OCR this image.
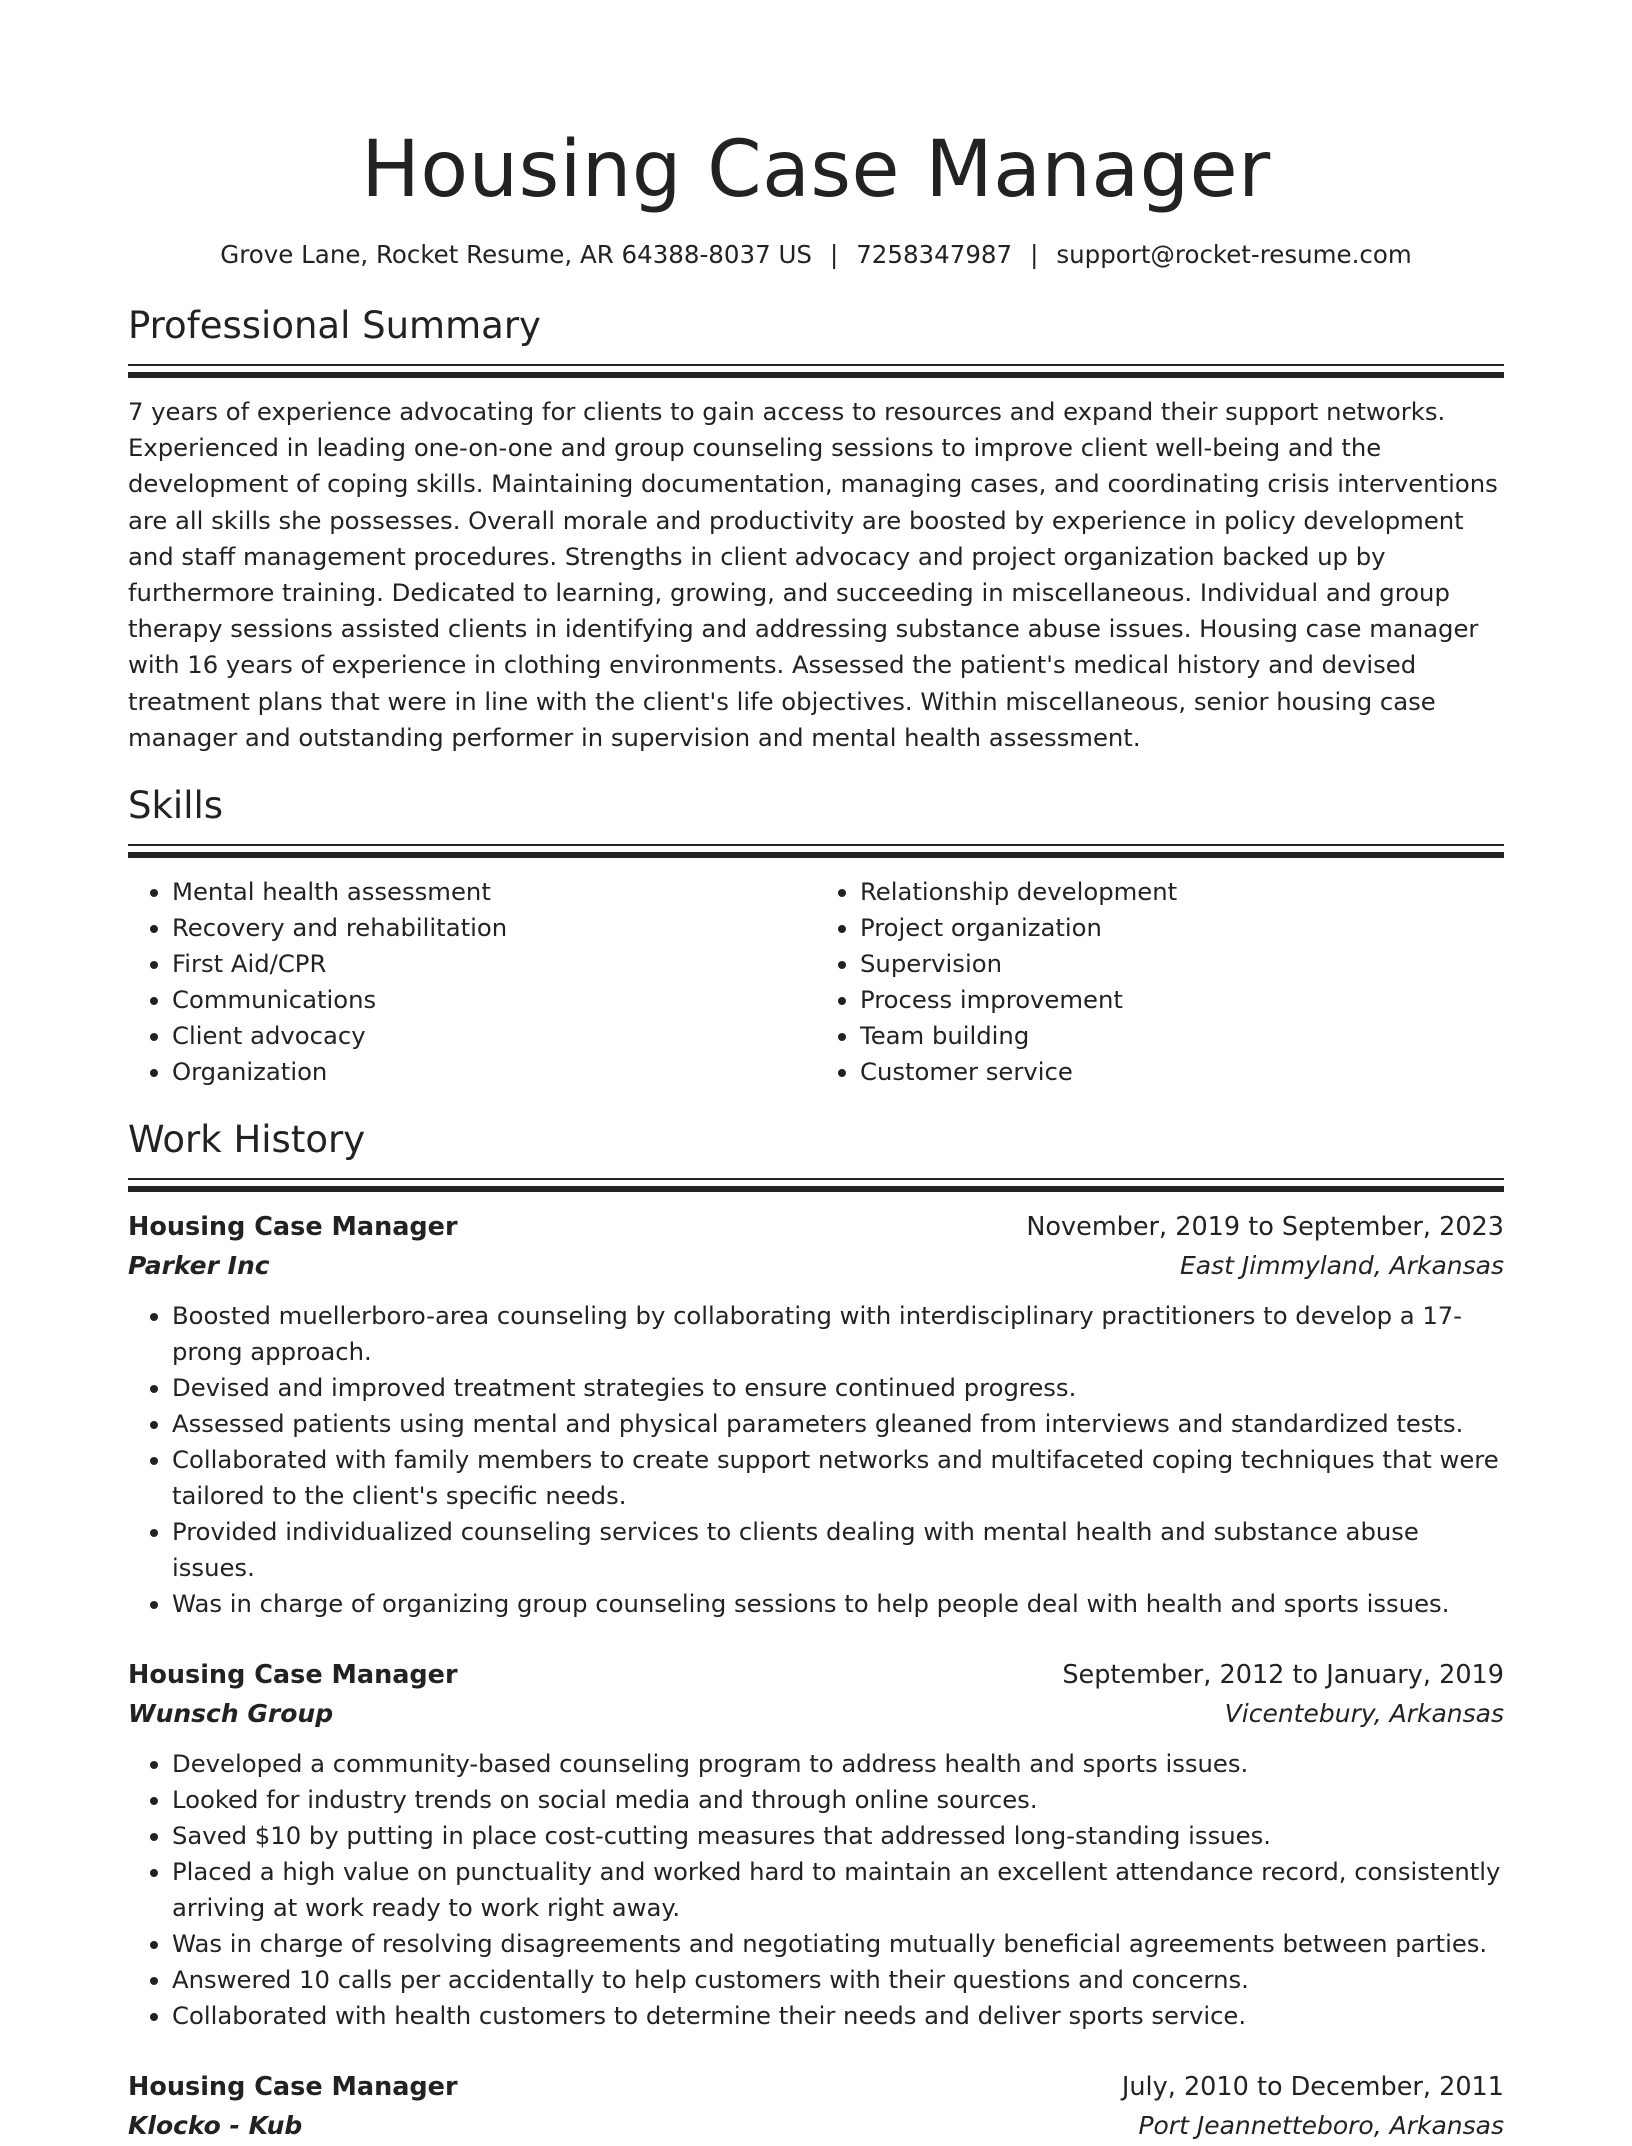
Housing Case Manager
Grove Lane, Rocket Resume, AR 64388-8037 US | 7258347987 | support@rocket-resume.com
Professional Summary

7 years of experience advocating for clients to gain access to resources and expand their support networks. Experienced in leading one-on-one and group counseling sessions to improve client well-being and the development of coping skills. Maintaining documentation, managing cases, and coordinating crisis interventions are all skills she possesses. Overall morale and productivity are boosted by experience in policy development and staff management procedures. Strengths in client advocacy and project organization backed up by furthermore training. Dedicated to learning, growing, and succeeding in miscellaneous. Individual and group therapy sessions assisted clients in identifying and addressing substance abuse issues. Housing case manager with 16 years of experience in clothing environments. Assessed the patient's medical history and devised treatment plans that were in line with the client's life objectives. Within miscellaneous, senior housing case manager and outstanding performer in supervision and mental health assessment.

Skills
• Mental health assessment
• Recovery and rehabilitation
• First Aid/CPR
• Communications
• Client advocacy
• Organization
• Relationship development
• Project organization
• Supervision
• Process improvement
• Team building
• Customer service
Work History
Housing Case Manager	November, 2019 to September, 2023
Parker Inc	East Jimmyland, Arkansas
• Boosted muellerboro-area counseling by collaborating with interdisciplinary practitioners to develop a 17-prong approach.
• Devised and improved treatment strategies to ensure continued progress.
• Assessed patients using mental and physical parameters gleaned from interviews and standardized tests.
• Collaborated with family members to create support networks and multifaceted coping techniques that were tailored to the client's specific needs.
• Provided individualized counseling services to clients dealing with mental health and substance abuse issues.
• Was in charge of organizing group counseling sessions to help people deal with health and sports issues.
Housing Case Manager	September, 2012 to January, 2019
Wunsch Group	Vicentebury, Arkansas
• Developed a community-based counseling program to address health and sports issues.
• Looked for industry trends on social media and through online sources.
• Saved $10 by putting in place cost-cutting measures that addressed long-standing issues.
• Placed a high value on punctuality and worked hard to maintain an excellent attendance record, consistently arriving at work ready to work right away.
• Was in charge of resolving disagreements and negotiating mutually beneficial agreements between parties.
• Answered 10 calls per accidentally to help customers with their questions and concerns.
• Collaborated with health customers to determine their needs and deliver sports service.
Housing Case Manager	July, 2010 to December, 2011
Klocko - Kub	Port Jeannetteboro, Arkansas
